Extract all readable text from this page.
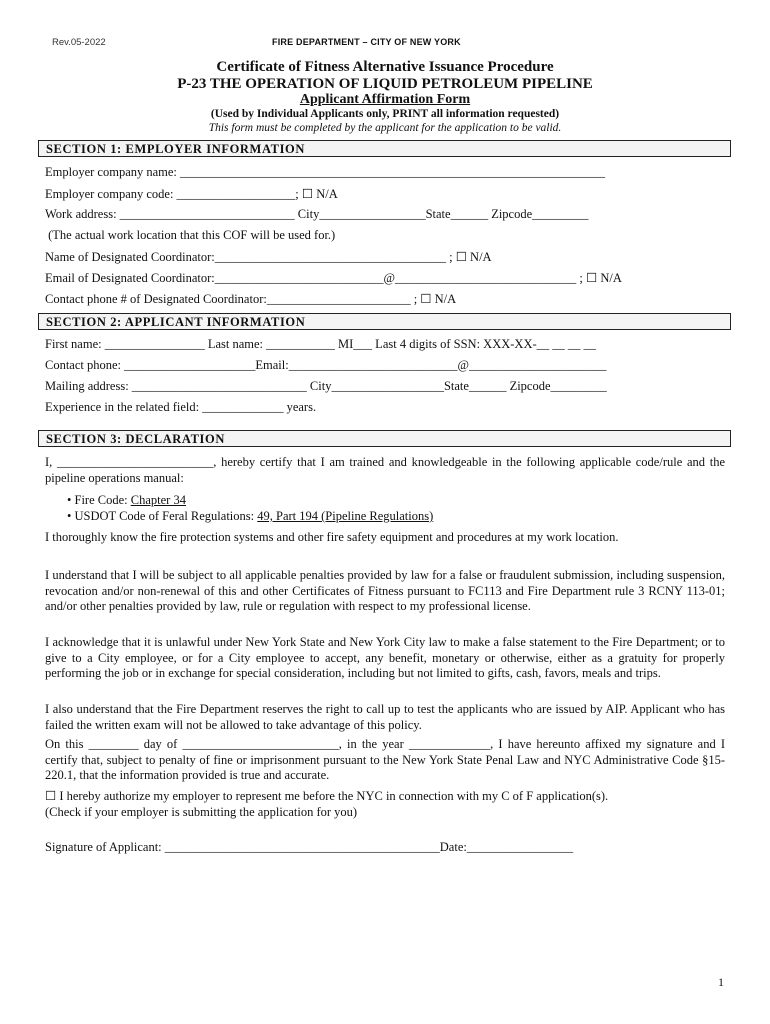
Rev.05-2022	FIRE DEPARTMENT – CITY OF NEW YORK
Certificate of Fitness Alternative Issuance Procedure
P-23 THE OPERATION OF LIQUID PETROLEUM PIPELINE
Applicant Affirmation Form
(Used by Individual Applicants only, PRINT all information requested)
This form must be completed by the applicant for the application to be valid.
SECTION 1: EMPLOYER INFORMATION
Employer company name: ____________________________________________________________________
Employer company code: ___________________; ☐ N/A
Work address: ____________________________ City_________________State______ Zipcode_________
(The actual work location that this COF will be used for.)
Name of Designated Coordinator:_____________________________________ ; ☐ N/A
Email of Designated Coordinator:___________________________@_____________________________ ; ☐ N/A
Contact phone # of Designated Coordinator:_______________________ ; ☐ N/A
SECTION 2: APPLICANT INFORMATION
First name: ________________ Last name: ___________ MI___ Last 4 digits of SSN: XXX-XX-__ __ __ __
Contact phone: _____________________Email:___________________________@______________________
Mailing address: ____________________________ City__________________State______ Zipcode_________
Experience in the related field: _____________ years.
SECTION 3: DECLARATION
I, _________________________, hereby certify that I am trained and knowledgeable in the following applicable code/rule and the pipeline operations manual:
• Fire Code: Chapter 34
• USDOT Code of Feral Regulations: 49, Part 194 (Pipeline Regulations)
I thoroughly know the fire protection systems and other fire safety equipment and procedures at my work location.
I understand that I will be subject to all applicable penalties provided by law for a false or fraudulent submission, including suspension, revocation and/or non-renewal of this and other Certificates of Fitness pursuant to FC113 and Fire Department rule 3 RCNY 113-01; and/or other penalties provided by law, rule or regulation with respect to my professional license.
I acknowledge that it is unlawful under New York State and New York City law to make a false statement to the Fire Department; or to give to a City employee, or for a City employee to accept, any benefit, monetary or otherwise, either as a gratuity for properly performing the job or in exchange for special consideration, including but not limited to gifts, cash, favors, meals and trips.
I also understand that the Fire Department reserves the right to call up to test the applicants who are issued by AIP. Applicant who has failed the written exam will not be allowed to take advantage of this policy.
On this ________ day of _________________________, in the year _____________, I have hereunto affixed my signature and I certify that, subject to penalty of fine or imprisonment pursuant to the New York State Penal Law and NYC Administrative Code §15-220.1, that the information provided is true and accurate.
☐ I hereby authorize my employer to represent me before the NYC in connection with my C of F application(s). (Check if your employer is submitting the application for you)
Signature of Applicant: ____________________________________________Date:_________________
1
